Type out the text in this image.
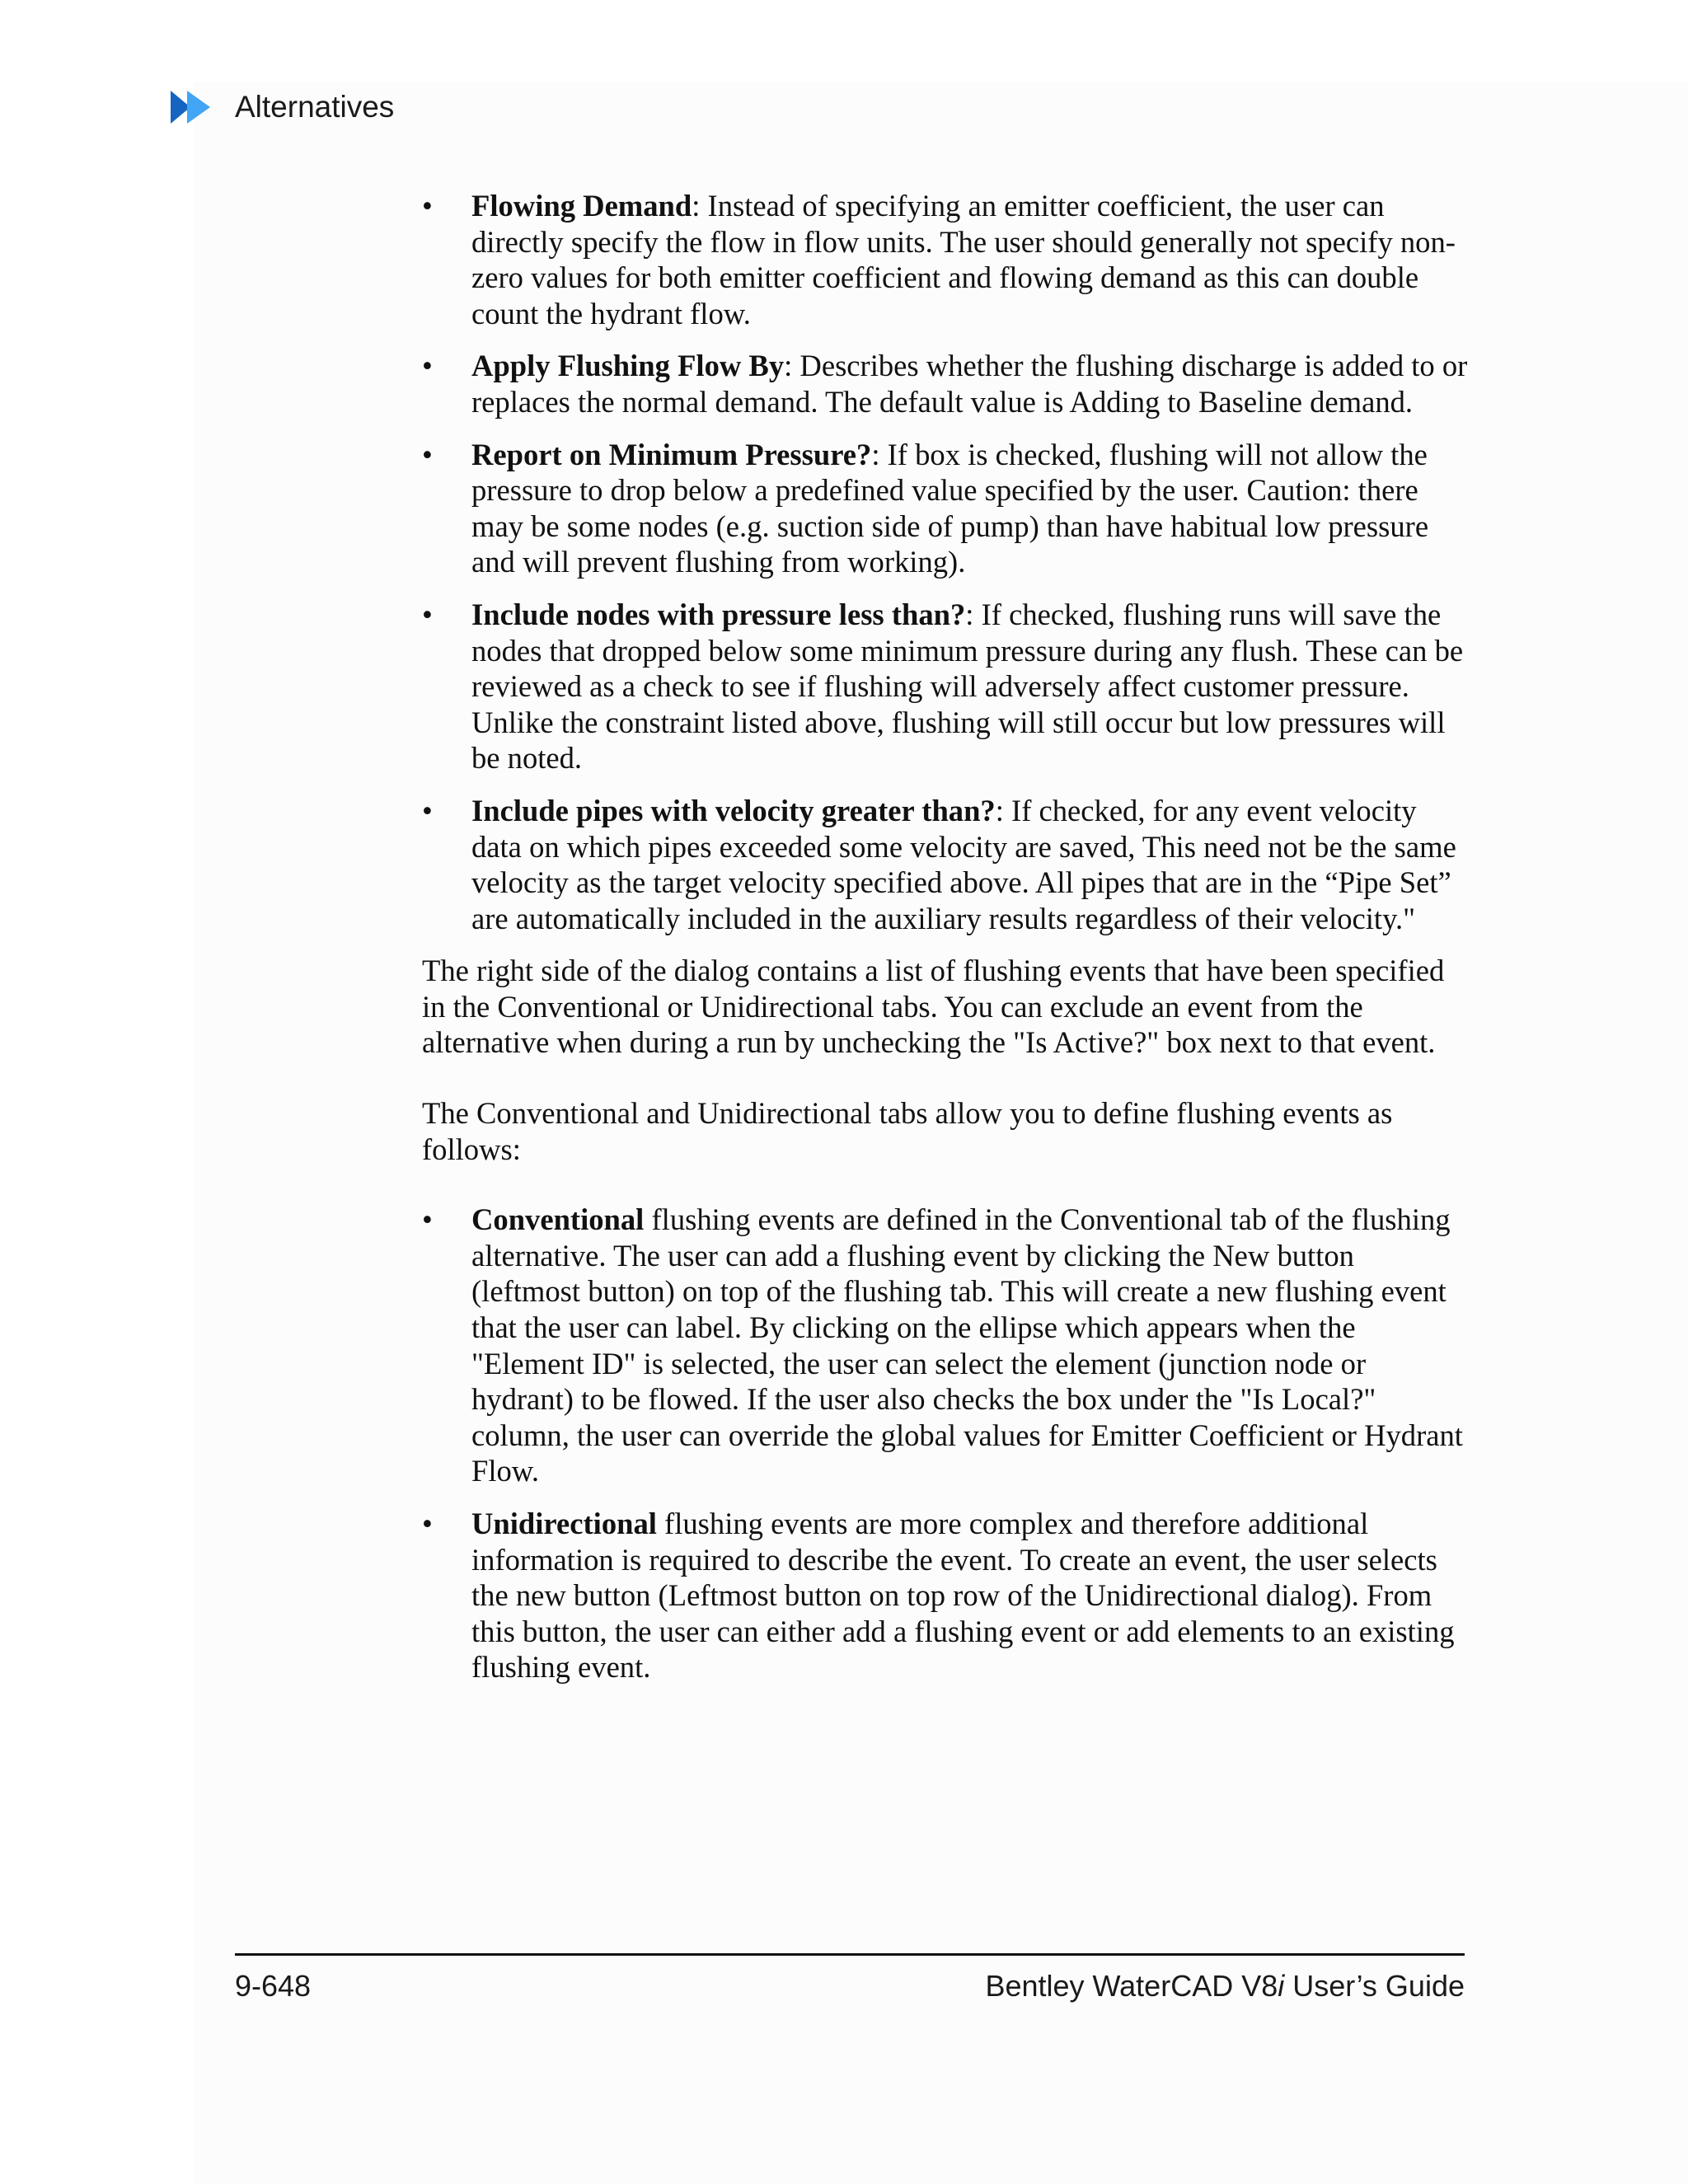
Alternatives
• Flowing Demand: Instead of specifying an emitter coefficient, the user can directly specify the flow in flow units. The user should generally not specify non-zero values for both emitter coefficient and flowing demand as this can double count the hydrant flow.
• Apply Flushing Flow By: Describes whether the flushing discharge is added to or replaces the normal demand. The default value is Adding to Baseline demand.
• Report on Minimum Pressure?: If box is checked, flushing will not allow the pressure to drop below a predefined value specified by the user. Caution: there may be some nodes (e.g. suction side of pump) than have habitual low pressure and will prevent flushing from working).
• Include nodes with pressure less than?: If checked, flushing runs will save the nodes that dropped below some minimum pressure during any flush. These can be reviewed as a check to see if flushing will adversely affect customer pressure. Unlike the constraint listed above, flushing will still occur but low pressures will be noted.
• Include pipes with velocity greater than?: If checked, for any event velocity data on which pipes exceeded some velocity are saved, This need not be the same velocity as the target velocity specified above. All pipes that are in the “Pipe Set” are automatically included in the auxiliary results regardless of their velocity."

The right side of the dialog contains a list of flushing events that have been specified in the Conventional or Unidirectional tabs. You can exclude an event from the alternative when during a run by unchecking the "Is Active?" box next to that event.

The Conventional and Unidirectional tabs allow you to define flushing events as follows:

• Conventional flushing events are defined in the Conventional tab of the flushing alternative. The user can add a flushing event by clicking the New button (leftmost button) on top of the flushing tab. This will create a new flushing event that the user can label. By clicking on the ellipse which appears when the "Element ID" is selected, the user can select the element (junction node or hydrant) to be flowed. If the user also checks the box under the "Is Local?" column, the user can override the global values for Emitter Coefficient or Hydrant Flow.
• Unidirectional flushing events are more complex and therefore additional information is required to describe the event. To create an event, the user selects the new button (Leftmost button on top row of the Unidirectional dialog). From this button, the user can either add a flushing event or add elements to an existing flushing event.
9-648	Bentley WaterCAD V8i User’s Guide
